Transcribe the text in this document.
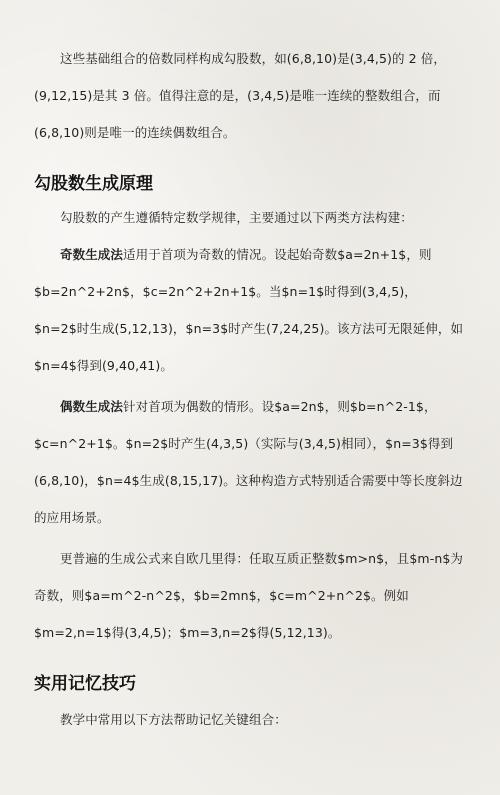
这些基础组合的倍数同样构成勾股数，如(6,8,10)是(3,4,5)的 2 倍，(9,12,15)是其 3 倍。值得注意的是，(3,4,5)是唯一连续的整数组合，而(6,8,10)则是唯一的连续偶数组合。

勾股数生成原理

勾股数的产生遵循特定数学规律，主要通过以下两类方法构建：

奇数生成法适用于首项为奇数的情况。设起始奇数$a=2n+1$，则$b=2n^2+2n$，$c=2n^2+2n+1$。当$n=1$时得到(3,4,5)，$n=2$时生成(5,12,13)，$n=3$时产生(7,24,25)。该方法可无限延伸，如$n=4$得到(9,40,41)。

偶数生成法针对首项为偶数的情形。设$a=2n$，则$b=n^2-1$，$c=n^2+1$。$n=2$时产生(4,3,5)（实际与(3,4,5)相同），$n=3$得到(6,8,10)，$n=4$生成(8,15,17)。这种构造方式特别适合需要中等长度斜边的应用场景。

更普遍的生成公式来自欧几里得：任取互质正整数$m>n$，且$m-n$为奇数，则$a=m^2-n^2$，$b=2mn$，$c=m^2+n^2$。例如$m=2,n=1$得(3,4,5)；$m=3,n=2$得(5,12,13)。

实用记忆技巧

教学中常用以下方法帮助记忆关键组合：
